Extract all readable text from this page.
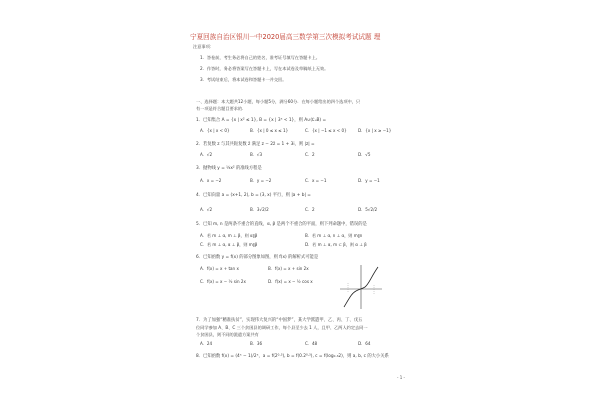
宁夏回族自治区银川一中2020届高三数学第三次模拟考试试题 理
注意事项：
1．答卷前，考生务必将自己的姓名，准考证号填写在答题卡上。
2．作答时，务必将答案写在答题卡上，写在本试卷及草稿纸上无效。
3．考试结束后，将本试卷和答题卡一并交回。
一、选择题：本大题共12小题，每小题5分，满分60分．在每小题给出的四个选项中，只
有一项是符合题目要求的．
1．已知集合 A = {x | x² ≤ 1}, B = {x | 3ˣ < 1}，则 A∪(∁ᵤB) =
A．{x | x < 0}	B．{x | 0 ≤ x ≤ 1}	C．{x | −1 ≤ x < 0}	D．{x | x ≥ −1}
2．若复数 z 与其共轭复数 z̄ 满足 z − 2z̄ = 1 + 3i，则 |z| =
A．√2	B．√3	C．2	D．√5
3．抛物线 y = ¼x² 的准线方程是
A．x = −2	B．y = −2	C．x = −1	D．y = −1
4．已知向量 a = (x+1, 2), b = (3, x) 平行，则 |a + b| =
A．√2	B．3√2/2	C．2	D．5√2/2
5．已知 m, n 是两条不重合的直线，α, β 是两个不重合的平面，则下列命题中，错误的是
A．若 m ⊥ α, m ⊥ β，则 α∥β	B．若 m ⊥ α, n ⊥ α，则 m∥n
C．若 m ⊥ α, α ⊥ β，则 m∥β	D．若 m ⊥ α, m ⊂ β，则 α ⊥ β
6．已知函数 y = f(x) 的部分图象如图，则 f(x) 的解析式可能是
A．f(x) = x + tan x	B．f(x) = x + sin 2x
C．f(x) = x − ½ sin 2x	D．f(x) = x − ½ cos x
7．为了加强“精准扶贫”，实现伟大复兴的“中国梦”，某大学派遣甲、乙、丙、丁、戊五
位同学参加 A、B、C 三个贫困县的调研工作，每个县至少去 1 人，且甲、乙两人约定去同一
个贫困县，则不同的派遣方案共有
A．24	B．36	C．48	D．64
8．已知函数 f(x) = (4ˣ − 1)/2ˣ，a = f(2⁰·³), b = f(0.2⁰·³), c = f(log₀.₃2)，则 a, b, c 的大小关系
- 1 -
